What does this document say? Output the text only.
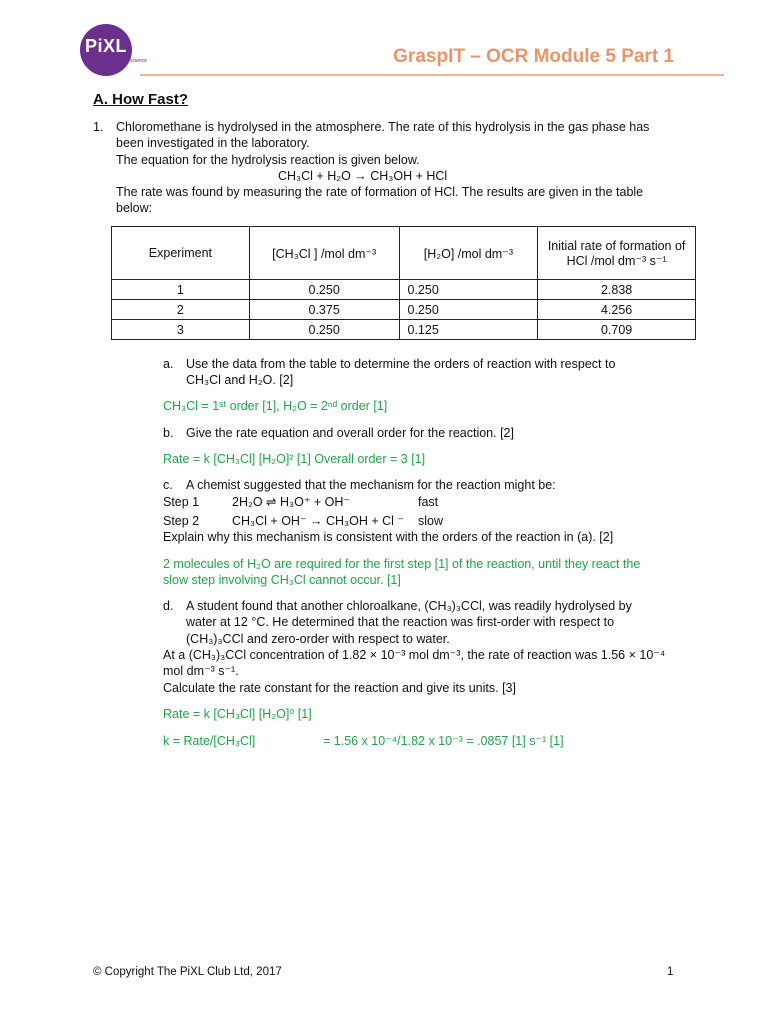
PiXL
science	GraspIT – OCR Module 5 Part 1
A. How Fast?
1. Chloromethane is hydrolysed in the atmosphere. The rate of this hydrolysis in the gas phase has
been investigated in the laboratory.
The equation for the hydrolysis reaction is given below.
CH₃Cl + H₂O → CH₃OH + HCl
The rate was found by measuring the rate of formation of HCl. The results are given in the table
below:
Experiment	[CH₃Cl ] /mol dm⁻³	[H₂O] /mol dm⁻³	Initial rate of formation of HCl /mol dm⁻³ s⁻¹
1	0.250	0.250	2.838
2	0.375	0.250	4.256
3	0.250	0.125	0.709
a. Use the data from the table to determine the orders of reaction with respect to
CH₃Cl and H₂O. [2]
CH₃Cl = 1ˢᵗ order [1], H₂O = 2ⁿᵈ order [1]
b. Give the rate equation and overall order for the reaction. [2]
Rate = k [CH₃Cl] [H₂O]² [1] Overall order = 3 [1]
c. A chemist suggested that the mechanism for the reaction might be:
Step 1	2H₂O ⇌ H₃O⁺ + OH⁻	fast
Step 2	CH₃Cl + OH⁻ → CH₃OH + Cl ⁻ slow
Explain why this mechanism is consistent with the orders of the reaction in (a). [2]
2 molecules of H₂O are required for the first step [1] of the reaction, until they react the
slow step involving CH₃Cl cannot occur. [1]
d. A student found that another chloroalkane, (CH₃)₃CCl, was readily hydrolysed by
water at 12 °C. He determined that the reaction was first-order with respect to
(CH₃)₃CCl and zero-order with respect to water.
At a (CH₃)₃CCl concentration of 1.82 × 10⁻³ mol dm⁻³, the rate of reaction was 1.56 × 10⁻⁴
mol dm⁻³ s⁻¹.
Calculate the rate constant for the reaction and give its units. [3]
Rate = k [CH₃Cl] [H₂O]⁰ [1]
k = Rate/[CH₃Cl]	= 1.56 x 10⁻⁴/1.82 x 10⁻³ = .0857 [1] s⁻¹ [1]
© Copyright The PiXL Club Ltd, 2017	1
